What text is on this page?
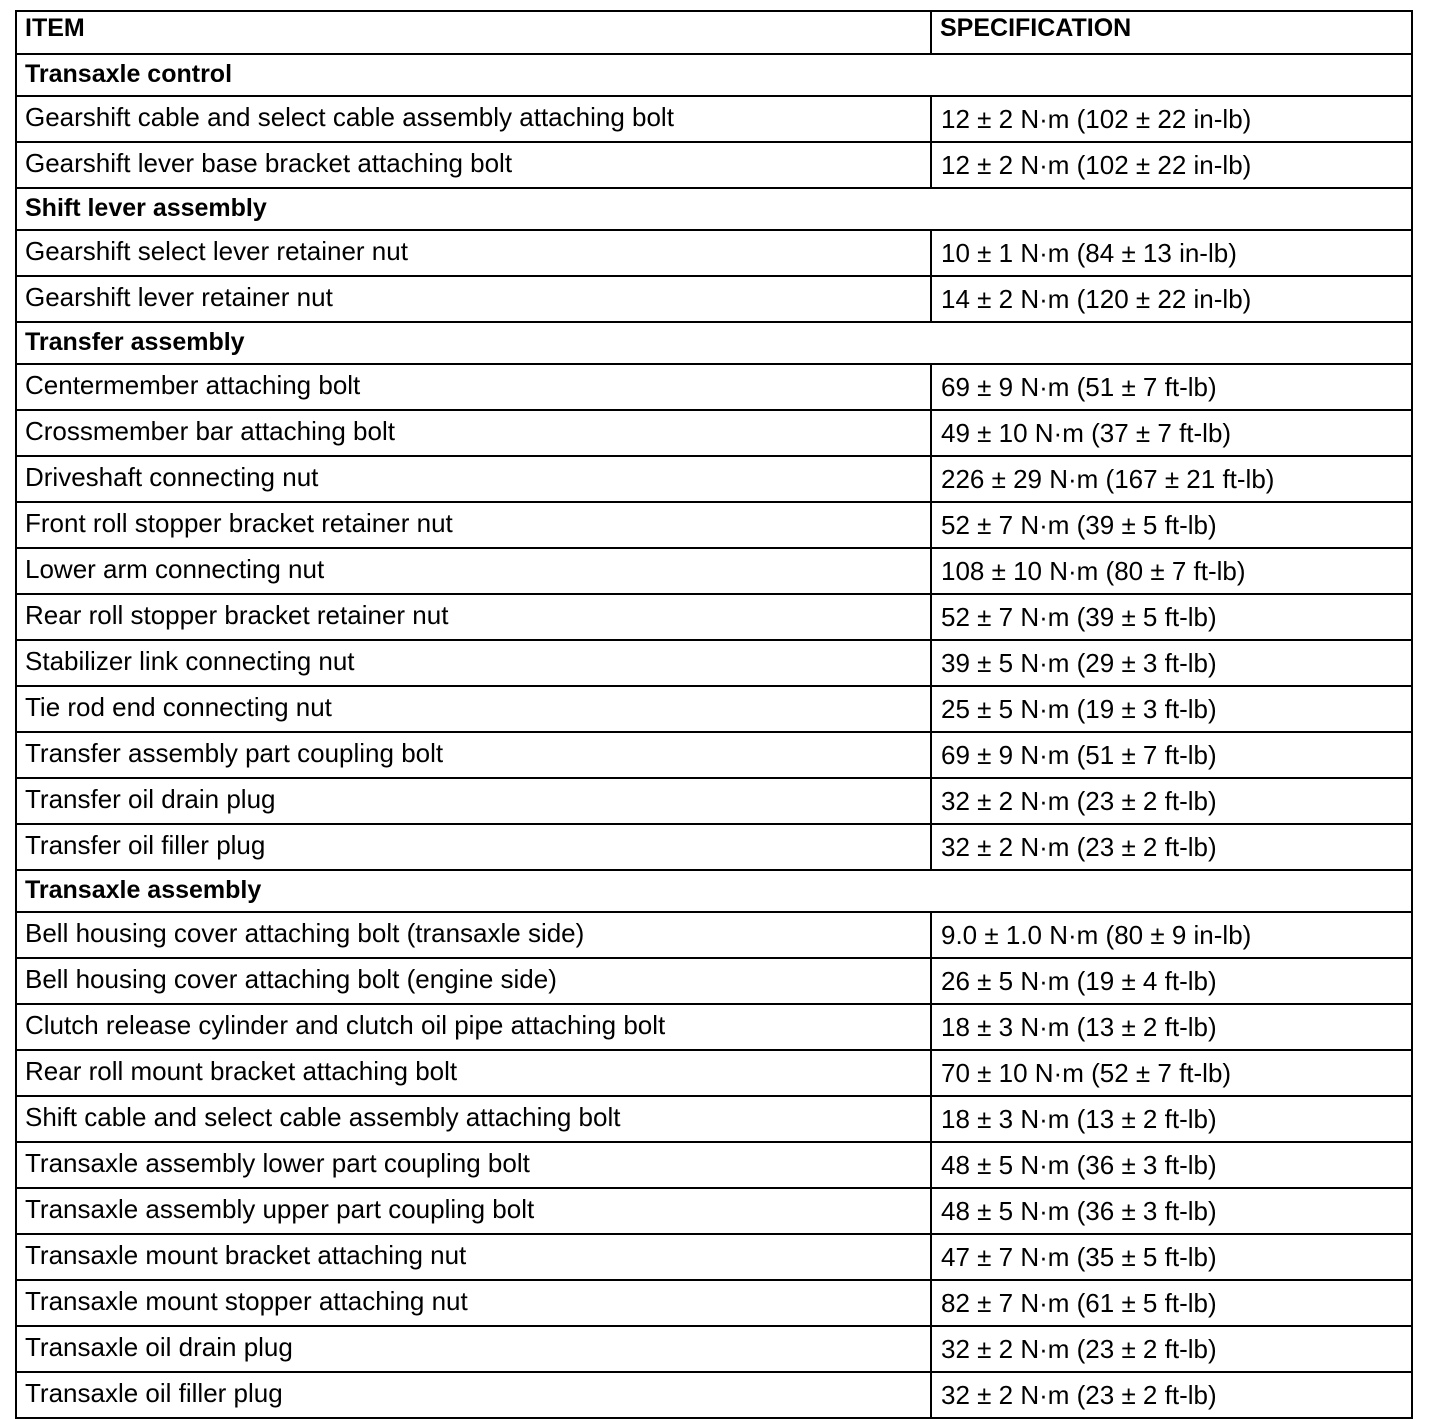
ITEM	SPECIFICATION
Transaxle control	
Gearshift cable and select cable assembly attaching bolt	12 ± 2 N·m (102 ± 22 in-lb)
Gearshift lever base bracket attaching bolt	12 ± 2 N·m (102 ± 22 in-lb)
Shift lever assembly	
Gearshift select lever retainer nut	10 ± 1 N·m (84 ± 13 in-lb)
Gearshift lever retainer nut	14 ± 2 N·m (120 ± 22 in-lb)
Transfer assembly	
Centermember attaching bolt	69 ± 9 N·m (51 ± 7 ft-lb)
Crossmember bar attaching bolt	49 ± 10 N·m (37 ± 7 ft-lb)
Driveshaft connecting nut	226 ± 29 N·m (167 ± 21 ft-lb)
Front roll stopper bracket retainer nut	52 ± 7 N·m (39 ± 5 ft-lb)
Lower arm connecting nut	108 ± 10 N·m (80 ± 7 ft-lb)
Rear roll stopper bracket retainer nut	52 ± 7 N·m (39 ± 5 ft-lb)
Stabilizer link connecting nut	39 ± 5 N·m (29 ± 3 ft-lb)
Tie rod end connecting nut	25 ± 5 N·m (19 ± 3 ft-lb)
Transfer assembly part coupling bolt	69 ± 9 N·m (51 ± 7 ft-lb)
Transfer oil drain plug	32 ± 2 N·m (23 ± 2 ft-lb)
Transfer oil filler plug	32 ± 2 N·m (23 ± 2 ft-lb)
Transaxle assembly	
Bell housing cover attaching bolt (transaxle side)	9.0 ± 1.0 N·m (80 ± 9 in-lb)
Bell housing cover attaching bolt (engine side)	26 ± 5 N·m (19 ± 4 ft-lb)
Clutch release cylinder and clutch oil pipe attaching bolt	18 ± 3 N·m (13 ± 2 ft-lb)
Rear roll mount bracket attaching bolt	70 ± 10 N·m (52 ± 7 ft-lb)
Shift cable and select cable assembly attaching bolt	18 ± 3 N·m (13 ± 2 ft-lb)
Transaxle assembly lower part coupling bolt	48 ± 5 N·m (36 ± 3 ft-lb)
Transaxle assembly upper part coupling bolt	48 ± 5 N·m (36 ± 3 ft-lb)
Transaxle mount bracket attaching nut	47 ± 7 N·m (35 ± 5 ft-lb)
Transaxle mount stopper attaching nut	82 ± 7 N·m (61 ± 5 ft-lb)
Transaxle oil drain plug	32 ± 2 N·m (23 ± 2 ft-lb)
Transaxle oil filler plug	32 ± 2 N·m (23 ± 2 ft-lb)
